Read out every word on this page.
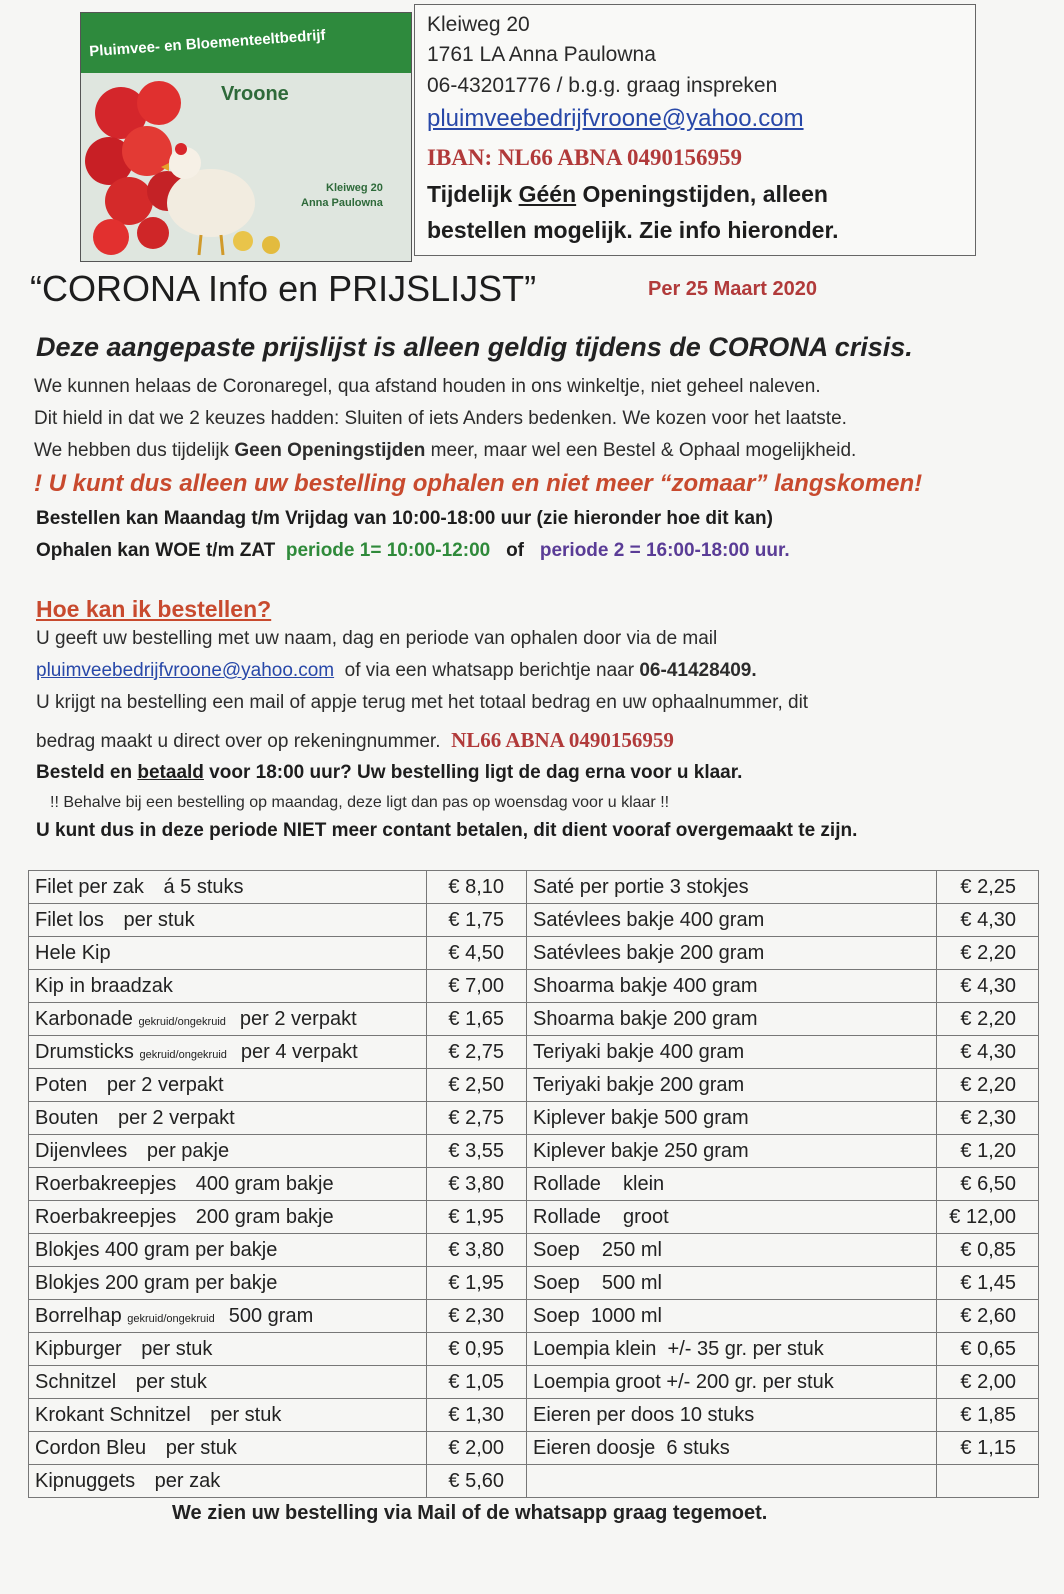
Pluimvee- en Bloementeeltbedrijf
Vroone
Kleiweg 20
Anna Paulowna
Kleiweg 20
1761 LA Anna Paulowna
06-43201776 / b.g.g. graag inspreken
pluimveebedrijfvroone@yahoo.com
IBAN: NL66 ABNA 0490156959
Tijdelijk Géén Openingstijden, alleen
bestellen mogelijk. Zie info hieronder.
“CORONA Info en PRIJSLIJST”	Per 25 Maart 2020
Deze aangepaste prijslijst is alleen geldig tijdens de CORONA crisis.
We kunnen helaas de Coronaregel, qua afstand houden in ons winkeltje, niet geheel naleven.
Dit hield in dat we 2 keuzes hadden: Sluiten of iets Anders bedenken. We kozen voor het laatste.
We hebben dus tijdelijk Geen Openingstijden meer, maar wel een Bestel & Ophaal mogelijkheid.
! U kunt dus alleen uw bestelling ophalen en niet meer “zomaar” langskomen!
Bestellen kan Maandag t/m Vrijdag van 10:00-18:00 uur (zie hieronder hoe dit kan)
Ophalen kan WOE t/m ZAT periode 1= 10:00-12:00 of periode 2 = 16:00-18:00 uur.
Hoe kan ik bestellen?
U geeft uw bestelling met uw naam, dag en periode van ophalen door via de mail
pluimveebedrijfvroone@yahoo.com of via een whatsapp berichtje naar 06-41428409.
U krijgt na bestelling een mail of appje terug met het totaal bedrag en uw ophaalnummer, dit
bedrag maakt u direct over op rekeningnummer. NL66 ABNA 0490156959
Besteld en betaald voor 18:00 uur? Uw bestelling ligt de dag erna voor u klaar.
!! Behalve bij een bestelling op maandag, deze ligt dan pas op woensdag voor u klaar !!
U kunt dus in deze periode NIET meer contant betalen, dit dient vooraf overgemaakt te zijn.
Filet per zak á 5 stuks	€ 8,10	Saté per portie 3 stokjes	€ 2,25
Filet los per stuk	€ 1,75	Satévlees bakje 400 gram	€ 4,30
Hele Kip	€ 4,50	Satévlees bakje 200 gram	€ 2,20
Kip in braadzak	€ 7,00	Shoarma bakje 400 gram	€ 4,30
Karbonade gekruid/ongekruid per 2 verpakt	€ 1,65	Shoarma bakje 200 gram	€ 2,20
Drumsticks gekruid/ongekruid per 4 verpakt	€ 2,75	Teriyaki bakje 400 gram	€ 4,30
Poten per 2 verpakt	€ 2,50	Teriyaki bakje 200 gram	€ 2,20
Bouten per 2 verpakt	€ 2,75	Kiplever bakje 500 gram	€ 2,30
Dijenvlees per pakje	€ 3,55	Kiplever bakje 250 gram	€ 1,20
Roerbakreepjes 400 gram bakje	€ 3,80	Rollade    klein	€ 6,50
Roerbakreepjes 200 gram bakje	€ 1,95	Rollade    groot	€ 12,00
Blokjes 400 gram per bakje	€ 3,80	Soep    250 ml	€ 0,85
Blokjes 200 gram per bakje	€ 1,95	Soep    500 ml	€ 1,45
Borrelhap gekruid/ongekruid 500 gram	€ 2,30	Soep  1000 ml	€ 2,60
Kipburger per stuk	€ 0,95	Loempia klein  +/- 35 gr. per stuk	€ 0,65
Schnitzel per stuk	€ 1,05	Loempia groot +/- 200 gr. per stuk	€ 2,00
Krokant Schnitzel per stuk	€ 1,30	Eieren per doos 10 stuks	€ 1,85
Cordon Bleu per stuk	€ 2,00	Eieren doosje  6 stuks	€ 1,15
Kipnuggets per zak	€ 5,60		
We zien uw bestelling via Mail of de whatsapp graag tegemoet.
